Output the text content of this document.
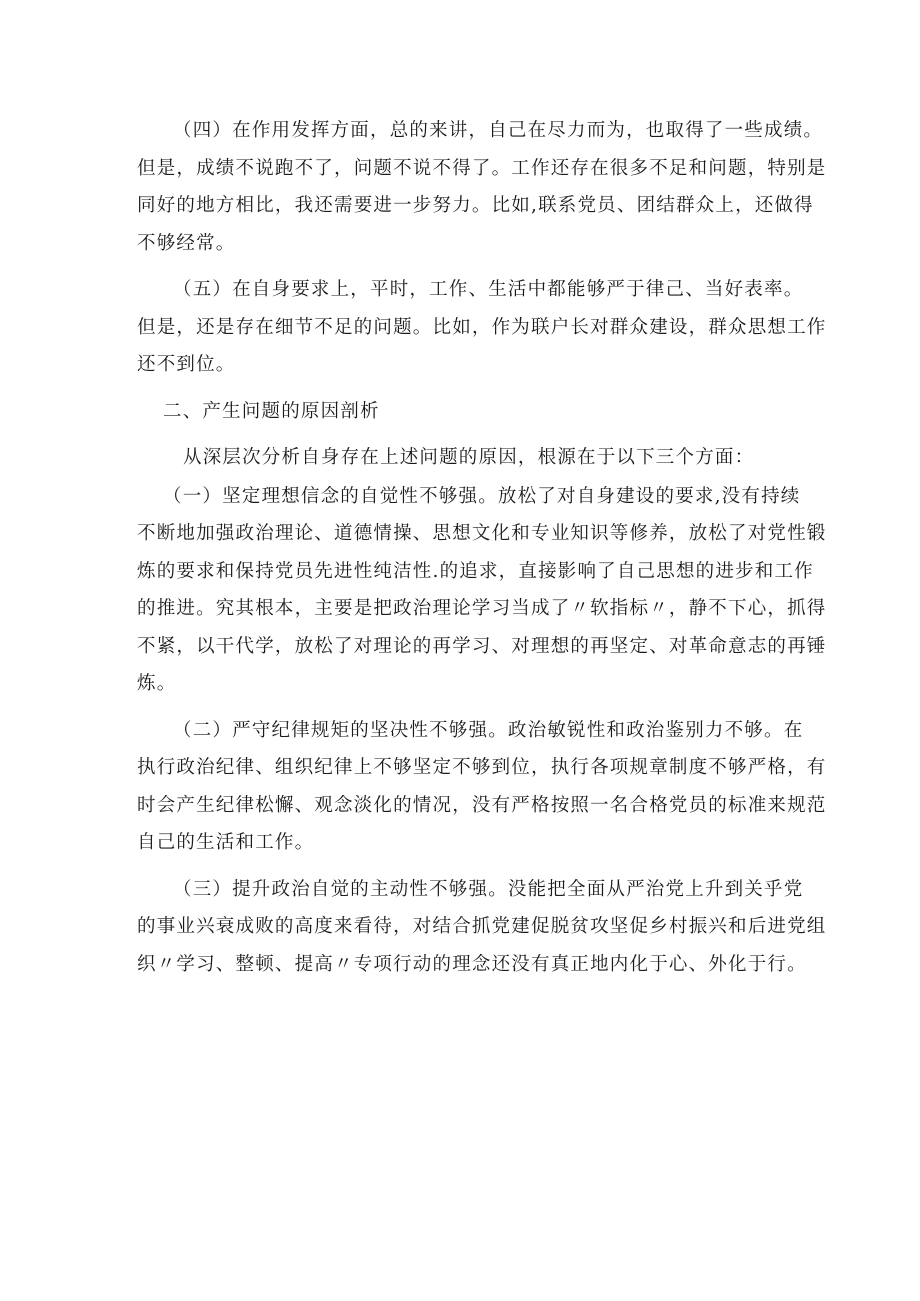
（四）在作用发挥方面，总的来讲，自己在尽力而为，也取得了一些成绩。
但是，成绩不说跑不了，问题不说不得了。工作还存在很多不足和问题，特别是
同好的地方相比，我还需要进一步努力。比如,联系党员、团结群众上，还做得
不够经常。
（五）在自身要求上，平时，工作、生活中都能够严于律己、当好表率。
但是，还是存在细节不足的问题。比如，作为联户长对群众建设，群众思想工作
还不到位。
二、产生问题的原因剖析
从深层次分析自身存在上述问题的原因，根源在于以下三个方面：
（一）坚定理想信念的自觉性不够强。放松了对自身建设的要求,没有持续
不断地加强政治理论、道德情操、思想文化和专业知识等修养，放松了对党性锻
炼的要求和保持党员先进性纯洁性.的追求，直接影响了自己思想的进步和工作
的推进。究其根本，主要是把政治理论学习当成了〃软指标〃，静不下心，抓得
不紧，以干代学，放松了对理论的再学习、对理想的再坚定、对革命意志的再锤
炼。
（二）严守纪律规矩的坚决性不够强。政治敏锐性和政治鉴别力不够。在
执行政治纪律、组织纪律上不够坚定不够到位，执行各项规章制度不够严格，有
时会产生纪律松懈、观念淡化的情况，没有严格按照一名合格党员的标准来规范
自己的生活和工作。
（三）提升政治自觉的主动性不够强。没能把全面从严治党上升到关乎党
的事业兴衰成败的高度来看待，对结合抓党建促脱贫攻坚促乡村振兴和后进党组
织〃学习、整顿、提高〃专项行动的理念还没有真正地内化于心、外化于行。
